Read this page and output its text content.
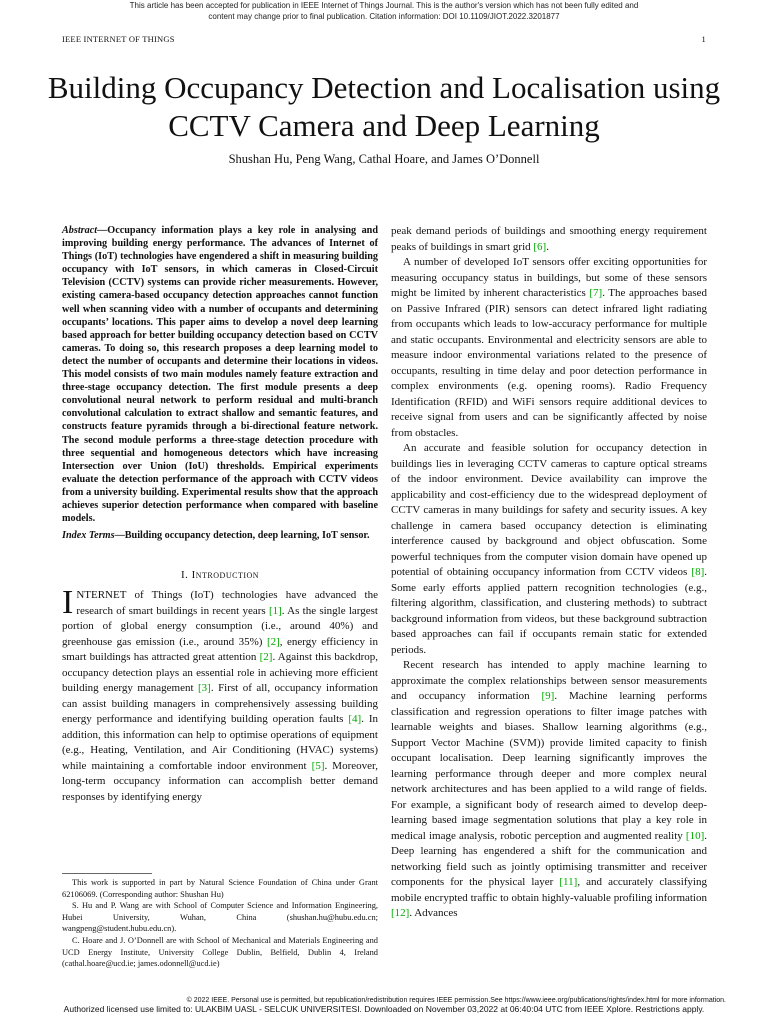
This article has been accepted for publication in IEEE Internet of Things Journal. This is the author's version which has not been fully edited and
content may change prior to final publication. Citation information: DOI 10.1109/JIOT.2022.3201877
IEEE INTERNET OF THINGS	1
Building Occupancy Detection and Localisation using CCTV Camera and Deep Learning
Shushan Hu, Peng Wang, Cathal Hoare, and James O’Donnell

Abstract—Occupancy information plays a key role in analysing and improving building energy performance. The advances of Internet of Things (IoT) technologies have engendered a shift in measuring building occupancy with IoT sensors, in which cameras in Closed-Circuit Television (CCTV) systems can provide richer measurements. However, existing camera-based occupancy detection approaches cannot function well when scanning video with a number of occupants and determining occupants’ locations. This paper aims to develop a novel deep learning based approach for better building occupancy detection based on CCTV cameras. To doing so, this research proposes a deep learning model to detect the number of occupants and determine their locations in videos. This model consists of two main modules namely feature extraction and three-stage occupancy detection. The first module presents a deep convolutional neural network to perform residual and multi-branch convolutional calculation to extract shallow and semantic features, and constructs feature pyramids through a bi-directional feature network. The second module performs a three-stage detection procedure with three sequential and homogeneous detectors which have increasing Intersection over Union (IoU) thresholds. Empirical experiments evaluate the detection performance of the approach with CCTV videos from a university building. Experimental results show that the approach achieves superior detection performance when compared with baseline models.

Index Terms—Building occupancy detection, deep learning, IoT sensor.

I. Introduction

INTERNET of Things (IoT) technologies have advanced the research of smart buildings in recent years [1]. As the single largest portion of global energy consumption (i.e., around 40%) and greenhouse gas emission (i.e., around 35%) [2], energy efficiency in smart buildings has attracted great attention [2]. Against this backdrop, occupancy detection plays an essential role in achieving more efficient building energy management [3]. First of all, occupancy information can assist building managers in comprehensively assessing building energy performance and identifying building operation faults [4]. In addition, this information can help to optimise operations of equipment (e.g., Heating, Ventilation, and Air Conditioning (HVAC) systems) while maintaining a comfortable indoor environment [5]. Moreover, long-term occupancy information can accomplish better demand responses by identifying energy

This work is supported in part by Natural Science Foundation of China under Grant 62106069. (Corresponding author: Shushan Hu)

S. Hu and P. Wang are with School of Computer Science and Information Engineering, Hubei University, Wuhan, China (shushan.hu@hubu.edu.cn; wangpeng@student.hubu.edu.cn).

C. Hoare and J. O’Donnell are with School of Mechanical and Materials Engineering and UCD Energy Institute, University College Dublin, Belfield, Dublin 4, Ireland (cathal.hoare@ucd.ie; james.odonnell@ucd.ie)

peak demand periods of buildings and smoothing energy requirement peaks of buildings in smart grid [6].

A number of developed IoT sensors offer exciting opportunities for measuring occupancy status in buildings, but some of these sensors might be limited by inherent characteristics [7]. The approaches based on Passive Infrared (PIR) sensors can detect infrared light radiating from occupants which leads to low-accuracy performance for multiple and static occupants. Environmental and electricity sensors are able to measure indoor environmental variations related to the presence of occupants, resulting in time delay and poor detection performance in complex environments (e.g. opening rooms). Radio Frequency Identification (RFID) and WiFi sensors require additional devices to receive signal from users and can be significantly affected by noise from obstacles.

An accurate and feasible solution for occupancy detection in buildings lies in leveraging CCTV cameras to capture optical streams of the indoor environment. Device availability can improve the applicability and cost-efficiency due to the widespread deployment of CCTV cameras in many buildings for safety and security issues. A key challenge in camera based occupancy detection is eliminating interference caused by background and object obfuscation. Some powerful techniques from the computer vision domain have opened up potential of obtaining occupancy information from CCTV videos [8]. Some early efforts applied pattern recognition technologies (e.g., filtering algorithm, classification, and clustering methods) to subtract background information from videos, but these background subtraction based approaches can fail if occupants remain static for extended periods.

Recent research has intended to apply machine learning to approximate the complex relationships between sensor measurements and occupancy information [9]. Machine learning performs classification and regression operations to filter image patches with learnable weights and biases. Shallow learning algorithms (e.g., Support Vector Machine (SVM)) provide limited capacity to finish occupant localisation. Deep learning significantly improves the learning performance through deeper and more complex neural network architectures and has been applied to a wild range of fields. For example, a significant body of research aimed to develop deep-learning based image segmentation solutions that play a key role in medical image analysis, robotic perception and augmented reality [10]. Deep learning has engendered a shift for the communication and networking field such as jointly optimising transmitter and receiver components for the physical layer [11], and accurately classifying mobile encrypted traffic to obtain highly-valuable profiling information [12]. Advances

© 2022 IEEE. Personal use is permitted, but republication/redistribution requires IEEE permission.See https://www.ieee.org/publications/rights/index.html for more information.
Authorized licensed use limited to: ULAKBIM UASL - SELCUK UNIVERSITESI. Downloaded on November 03,2022 at 06:40:04 UTC from IEEE Xplore. Restrictions apply.
